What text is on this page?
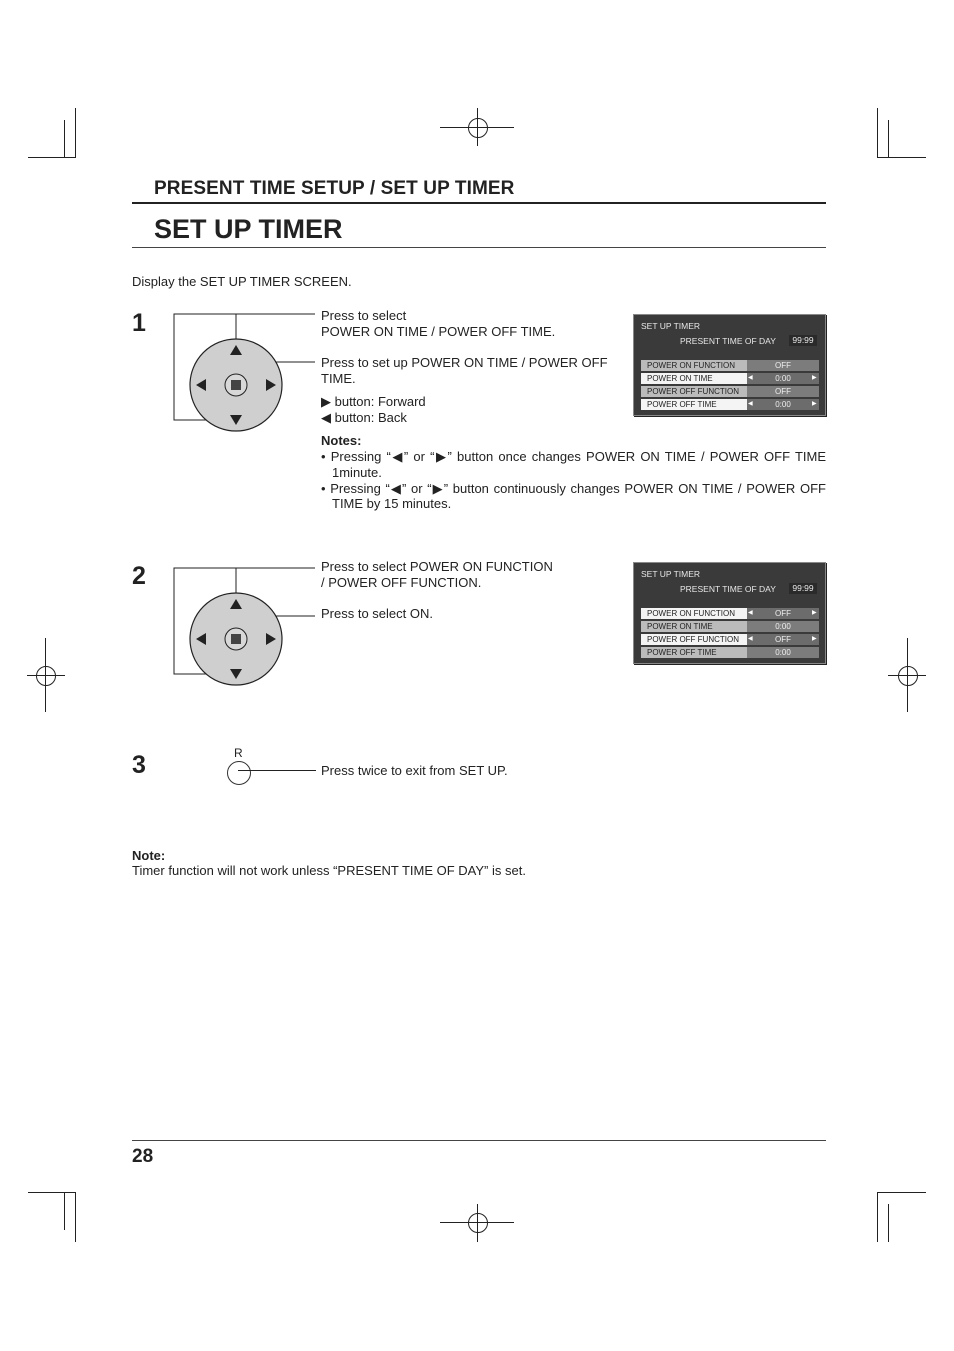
PRESENT TIME SETUP / SET UP TIMER
SET UP TIMER
Display the SET UP TIMER SCREEN.
1	Press to select
POWER ON TIME / POWER OFF TIME.
Press to set up POWER ON TIME / POWER OFF
TIME.
▶ button: Forward
◀ button: Back
Notes:
• Pressing “◀” or “▶” button once changes POWER ON TIME / POWER OFF TIME
1minute.
• Pressing “◀” or “▶” button continuously changes POWER ON TIME / POWER OFF
TIME by 15 minutes.
SET UP TIMER
PRESENT TIME OF DAY	99:99
POWER ON FUNCTION	OFF
POWER ON TIME	0:00
◀	▶
POWER OFF FUNCTION	OFF
POWER OFF TIME	0:00
◀	▶
2	Press to select POWER ON FUNCTION
/ POWER OFF FUNCTION.
Press to select ON.
SET UP TIMER
PRESENT TIME OF DAY	99:99
POWER ON FUNCTION	OFF
◀	▶
POWER ON TIME	0:00
POWER OFF FUNCTION	OFF
◀	▶
POWER OFF TIME	0:00
3	R
Press twice to exit from SET UP.
Note:
Timer function will not work unless “PRESENT TIME OF DAY” is set.
28
